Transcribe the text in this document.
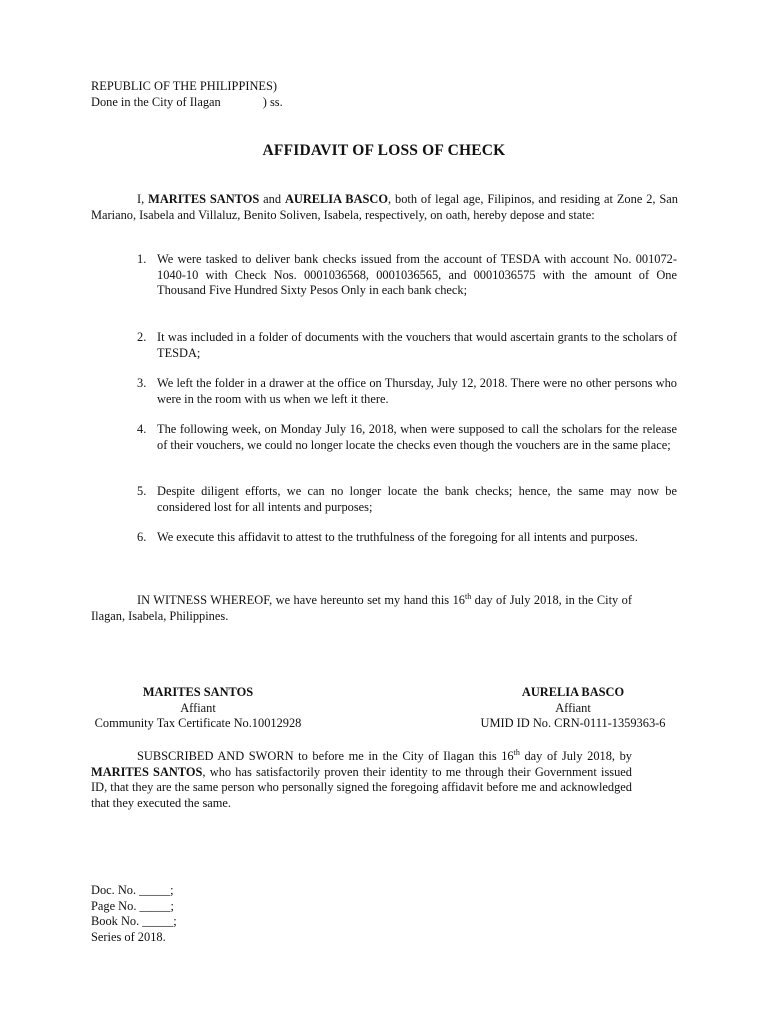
REPUBLIC OF THE PHILIPPINES)
Done in the City of Ilagan	) ss.
AFFIDAVIT OF LOSS OF CHECK
I, MARITES SANTOS and AURELIA BASCO, both of legal age, Filipinos, and residing at Zone 2, San Mariano, Isabela and Villaluz, Benito Soliven, Isabela, respectively, on oath, hereby depose and state:
1. We were tasked to deliver bank checks issued from the account of TESDA with account No. 001072-1040-10 with Check Nos. 0001036568, 0001036565, and 0001036575 with the amount of One Thousand Five Hundred Sixty Pesos Only in each bank check;
2. It was included in a folder of documents with the vouchers that would ascertain grants to the scholars of TESDA;
3. We left the folder in a drawer at the office on Thursday, July 12, 2018. There were no other persons who were in the room with us when we left it there.
4. The following week, on Monday July 16, 2018, when were supposed to call the scholars for the release of their vouchers, we could no longer locate the checks even though the vouchers are in the same place;
5. Despite diligent efforts, we can no longer locate the bank checks; hence, the same may now be considered lost for all intents and purposes;
6. We execute this affidavit to attest to the truthfulness of the foregoing for all intents and purposes.
IN WITNESS WHEREOF, we have hereunto set my hand this 16th day of July 2018, in the City of Ilagan, Isabela, Philippines.
MARITES SANTOS
Affiant
Community Tax Certificate No.10012928
AURELIA BASCO
Affiant
UMID ID No. CRN-0111-1359363-6
SUBSCRIBED AND SWORN to before me in the City of Ilagan this 16th day of July 2018, by MARITES SANTOS, who has satisfactorily proven their identity to me through their Government issued ID, that they are the same person who personally signed the foregoing affidavit before me and acknowledged that they executed the same.
Doc. No. _____;
Page No. _____;
Book No. _____;
Series of 2018.
